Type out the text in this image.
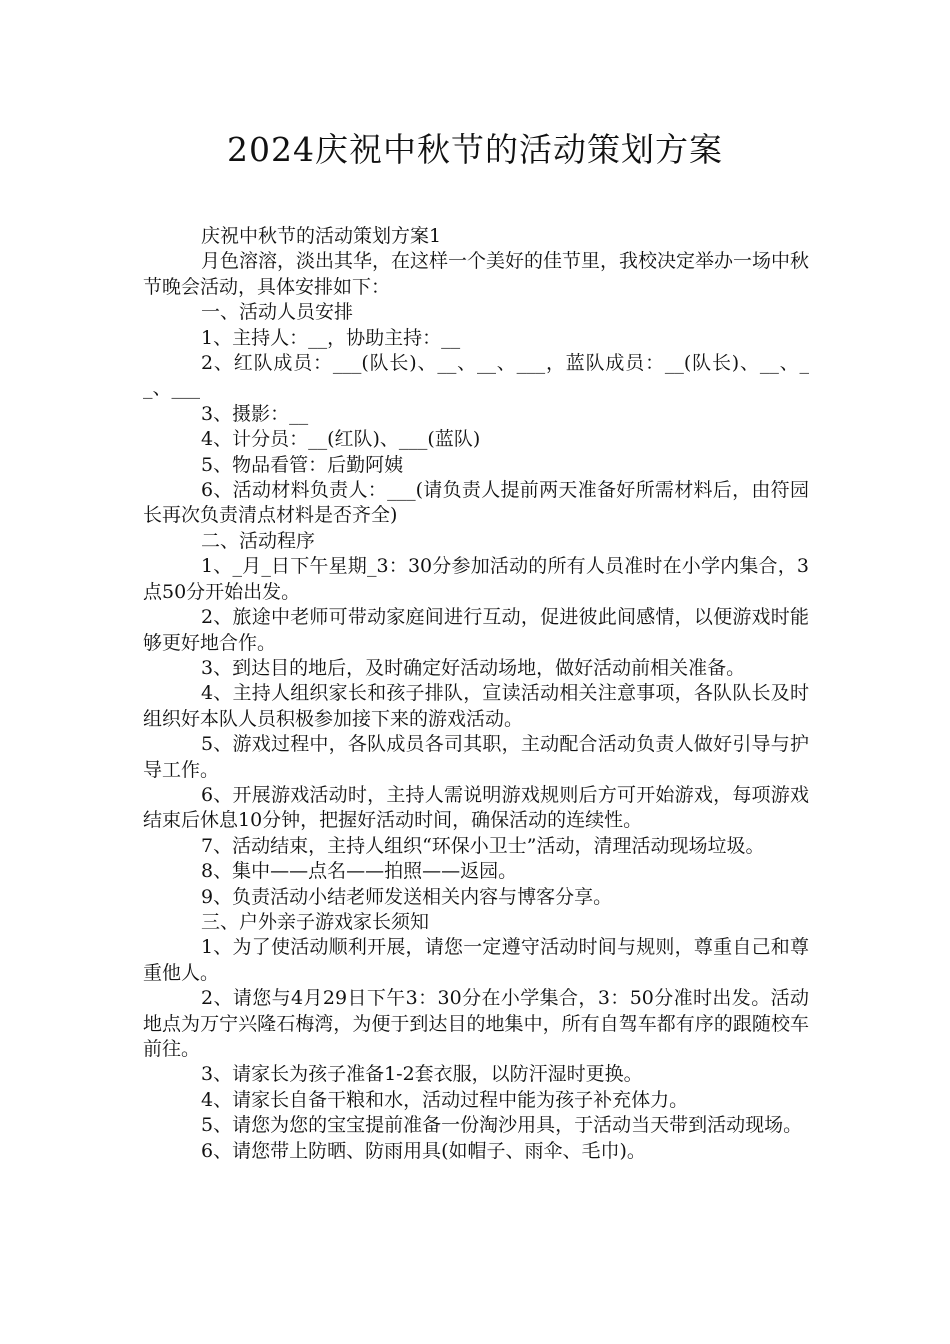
2024庆祝中秋节的活动策划方案

庆祝中秋节的活动策划方案1

月色溶溶，淡出其华，在这样一个美好的佳节里，我校决定举办一场中秋节晚会活动，具体安排如下：

一、活动人员安排

1、主持人：__，协助主持：__

2、红队成员：___(队长)、__、__、___，蓝队成员：__(队长)、__、__、___

3、摄影：__

4、计分员：__(红队)、___(蓝队)

5、物品看管：后勤阿姨

6、活动材料负责人：___(请负责人提前两天准备好所需材料后，由符园长再次负责清点材料是否齐全)

二、活动程序

1、_月_日下午星期_3：30分参加活动的所有人员准时在小学内集合，3点50分开始出发。

2、旅途中老师可带动家庭间进行互动，促进彼此间感情，以便游戏时能够更好地合作。

3、到达目的地后，及时确定好活动场地，做好活动前相关准备。

4、主持人组织家长和孩子排队，宣读活动相关注意事项，各队队长及时组织好本队人员积极参加接下来的游戏活动。

5、游戏过程中，各队成员各司其职，主动配合活动负责人做好引导与护导工作。

6、开展游戏活动时，主持人需说明游戏规则后方可开始游戏，每项游戏结束后休息10分钟，把握好活动时间，确保活动的连续性。

7、活动结束，主持人组织“环保小卫士”活动，清理活动现场垃圾。

8、集中——点名——拍照——返园。

9、负责活动小结老师发送相关内容与博客分享。

三、户外亲子游戏家长须知

1、为了使活动顺利开展，请您一定遵守活动时间与规则，尊重自己和尊重他人。

2、请您与4月29日下午3：30分在小学集合，3：50分准时出发。活动地点为万宁兴隆石梅湾，为便于到达目的地集中，所有自驾车都有序的跟随校车前往。

3、请家长为孩子准备1-2套衣服，以防汗湿时更换。

4、请家长自备干粮和水，活动过程中能为孩子补充体力。

5、请您为您的宝宝提前准备一份淘沙用具，于活动当天带到活动现场。

6、请您带上防晒、防雨用具(如帽子、雨伞、毛巾)。
